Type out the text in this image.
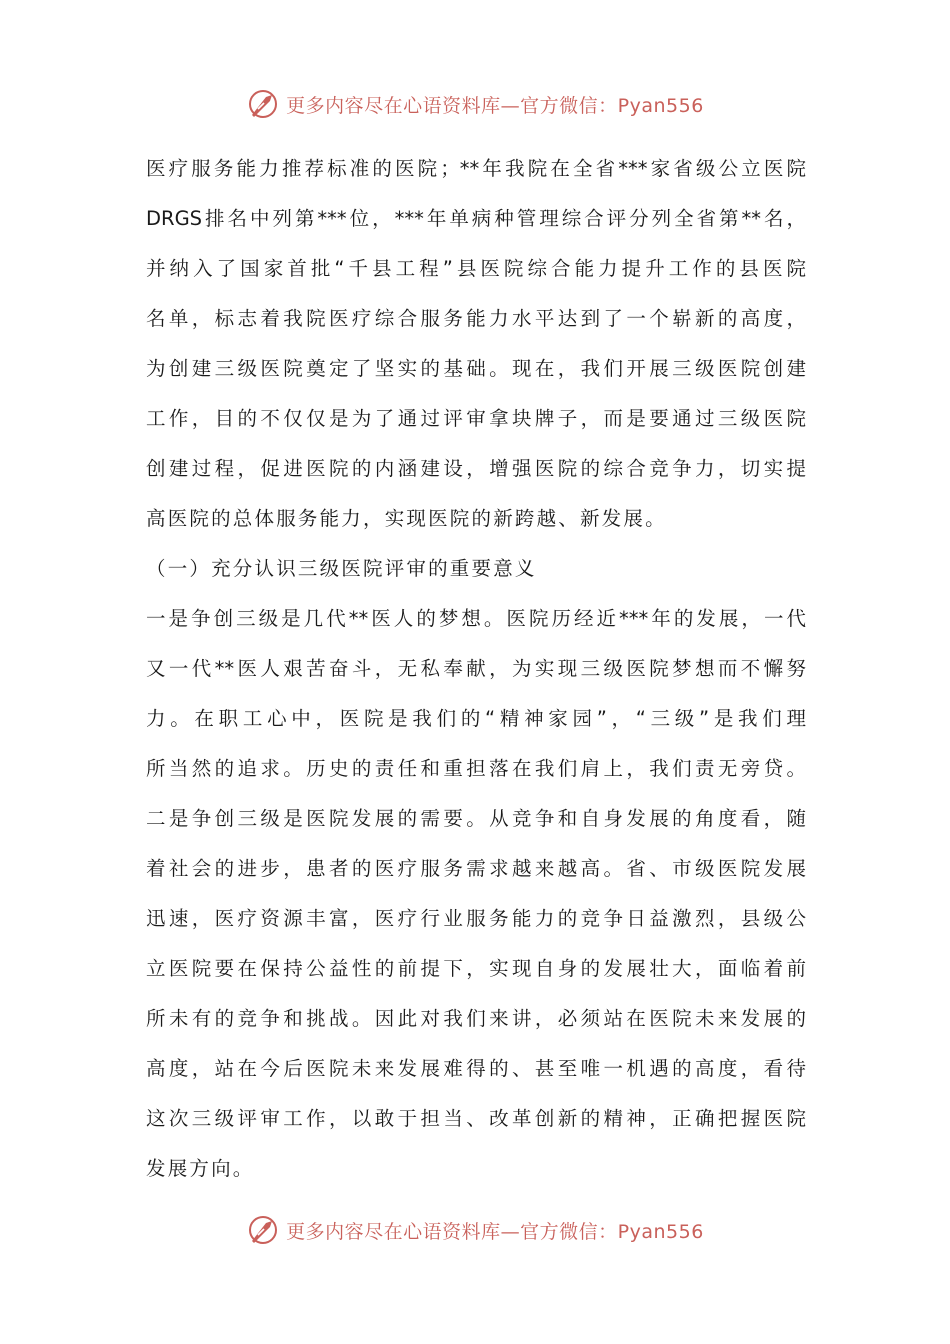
更多内容尽在心语资料库—官方微信：Pyan556
医疗服务能力推荐标准的医院；**年我院在全省***家省级公立医院
DRGS排名中列第***位，***年单病种管理综合评分列全省第**名，
并纳入了国家首批“千县工程”县医院综合能力提升工作的县医院
名单，标志着我院医疗综合服务能力水平达到了一个崭新的高度，
为创建三级医院奠定了坚实的基础。现在，我们开展三级医院创建
工作，目的不仅仅是为了通过评审拿块牌子，而是要通过三级医院
创建过程，促进医院的内涵建设，增强医院的综合竞争力，切实提
高医院的总体服务能力，实现医院的新跨越、新发展。
（一）充分认识三级医院评审的重要意义
一是争创三级是几代**医人的梦想。医院历经近***年的发展，一代
又一代**医人艰苦奋斗，无私奉献，为实现三级医院梦想而不懈努
力。在职工心中，医院是我们的“精神家园”，“三级”是我们理
所当然的追求。历史的责任和重担落在我们肩上，我们责无旁贷。
二是争创三级是医院发展的需要。从竞争和自身发展的角度看，随
着社会的进步，患者的医疗服务需求越来越高。省、市级医院发展
迅速，医疗资源丰富，医疗行业服务能力的竞争日益激烈，县级公
立医院要在保持公益性的前提下，实现自身的发展壮大，面临着前
所未有的竞争和挑战。因此对我们来讲，必须站在医院未来发展的
高度，站在今后医院未来发展难得的、甚至唯一机遇的高度，看待
这次三级评审工作，以敢于担当、改革创新的精神，正确把握医院
发展方向。
更多内容尽在心语资料库—官方微信：Pyan556
